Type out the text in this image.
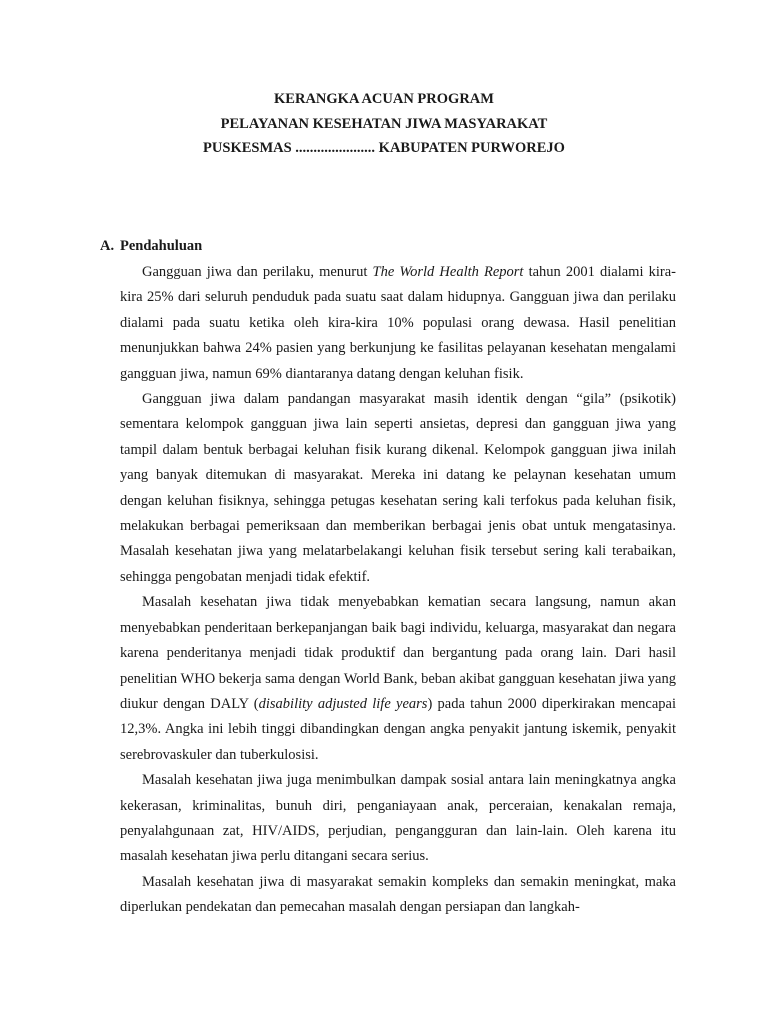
KERANGKA ACUAN PROGRAM
PELAYANAN KESEHATAN JIWA MASYARAKAT
PUSKESMAS ...................... KABUPATEN PURWOREJO
A. Pendahuluan

Gangguan jiwa dan perilaku, menurut The World Health Report tahun 2001 dialami kira-kira 25% dari seluruh penduduk pada suatu saat dalam hidupnya. Gangguan jiwa dan perilaku dialami pada suatu ketika oleh kira-kira 10% populasi orang dewasa. Hasil penelitian menunjukkan bahwa 24% pasien yang berkunjung ke fasilitas pelayanan kesehatan mengalami gangguan jiwa, namun 69% diantaranya datang dengan keluhan fisik.

Gangguan jiwa dalam pandangan masyarakat masih identik dengan “gila” (psikotik) sementara kelompok gangguan jiwa lain seperti ansietas, depresi dan gangguan jiwa yang tampil dalam bentuk berbagai keluhan fisik kurang dikenal. Kelompok gangguan jiwa inilah yang banyak ditemukan di masyarakat. Mereka ini datang ke pelaynan kesehatan umum dengan keluhan fisiknya, sehingga petugas kesehatan sering kali terfokus pada keluhan fisik, melakukan berbagai pemeriksaan dan memberikan berbagai jenis obat untuk mengatasinya. Masalah kesehatan jiwa yang melatarbelakangi keluhan fisik tersebut sering kali terabaikan, sehingga pengobatan menjadi tidak efektif.

Masalah kesehatan jiwa tidak menyebabkan kematian secara langsung, namun akan menyebabkan penderitaan berkepanjangan baik bagi individu, keluarga, masyarakat dan negara karena penderitanya menjadi tidak produktif dan bergantung pada orang lain. Dari hasil penelitian WHO bekerja sama dengan World Bank, beban akibat gangguan kesehatan jiwa yang diukur dengan DALY (disability adjusted life years) pada tahun 2000 diperkirakan mencapai 12,3%. Angka ini lebih tinggi dibandingkan dengan angka penyakit jantung iskemik, penyakit serebrovaskuler dan tuberkulosisi.

Masalah kesehatan jiwa juga menimbulkan dampak sosial antara lain meningkatnya angka kekerasan, kriminalitas, bunuh diri, penganiayaan anak, perceraian, kenakalan remaja, penyalahgunaan zat, HIV/AIDS, perjudian, pengangguran dan lain-lain. Oleh karena itu masalah kesehatan jiwa perlu ditangani secara serius.

Masalah kesehatan jiwa di masyarakat semakin kompleks dan semakin meningkat, maka diperlukan pendekatan dan pemecahan masalah dengan persiapan dan langkah-
